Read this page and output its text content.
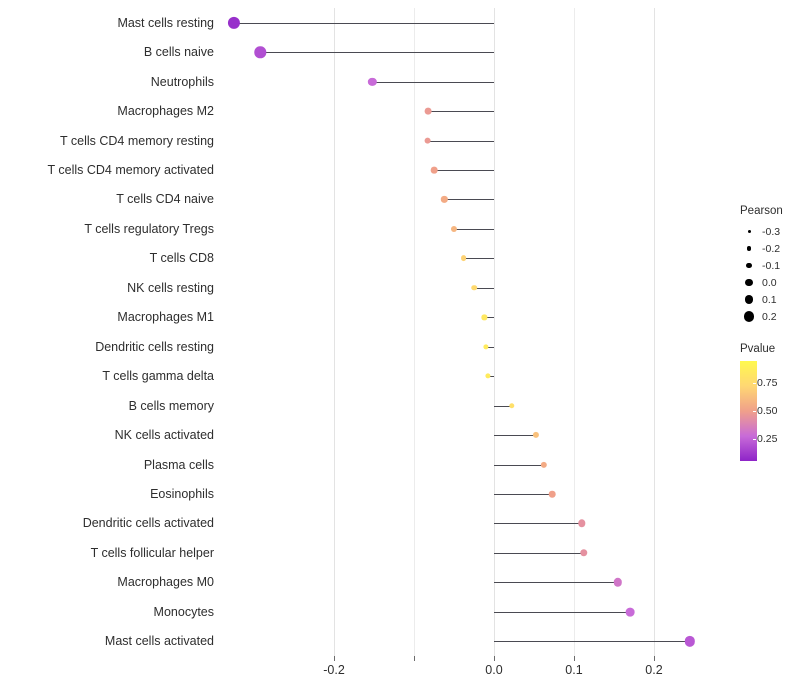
Mast cells resting
B cells naive
Neutrophils
Macrophages M2
T cells CD4 memory resting
T cells CD4 memory activated
T cells CD4 naive
T cells regulatory Tregs
T cells CD8
NK cells resting
Macrophages M1
Dendritic cells resting
T cells gamma delta
B cells memory
NK cells activated
Plasma cells
Eosinophils
Dendritic cells activated
T cells follicular helper
Macrophages M0
Monocytes
Mast cells activated
-0.2	0.0	0.1	0.2
Pearson
-0.3
-0.2
-0.1
0.0
0.1
0.2
Pvalue
0.75
0.50
0.25
